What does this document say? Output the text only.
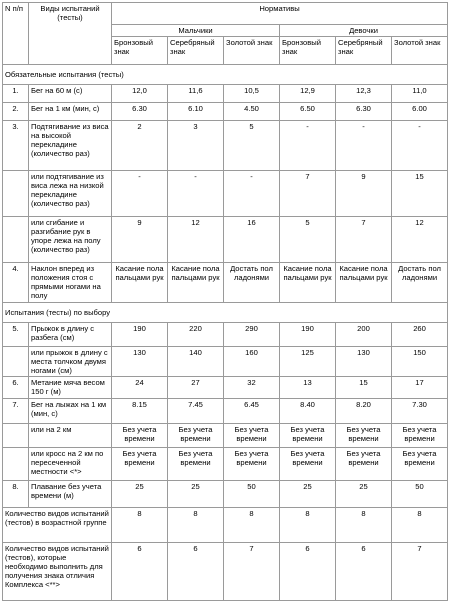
N п/п	Виды испытаний (тесты)	Нормативы					
		Мальчики			Девочки		
		Бронзовый знак	Серебряный знак	Золотой знак	Бронзовый знак	Серебряный знак	Золотой знак
Обязательные испытания (тесты)							
1.	Бег на 60 м (с)	12,0	11,6	10,5	12,9	12,3	11,0
2.	Бег на 1 км (мин, с)	6.30	6.10	4.50	6.50	6.30	6.00
3.	Подтягивание из виса на высокой перекладине (количество раз)	2	3	5	-	-	-
	или подтягивание из виса лежа на низкой перекладине (количество раз)	-	-	-	7	9	15
	или сгибание и разгибание рук в упоре лежа на полу (количество раз)	9	12	16	5	7	12
4.	Наклон вперед из положения стоя с прямыми ногами на полу	Касание пола пальцами рук	Касание пола пальцами рук	Достать пол ладонями	Касание пола пальцами рук	Касание пола пальцами рук	Достать пол ладонями
Испытания (тесты) по выбору							
5.	Прыжок в длину с разбега (см)	190	220	290	190	200	260
	или прыжок в длину с места толчком двумя ногами (см)	130	140	160	125	130	150
6.	Метание мяча весом 150 г (м)	24	27	32	13	15	17
7.	Бег на лыжах на 1 км (мин, с)	8.15	7.45	6.45	8.40	8.20	7.30
	или на 2 км	Без учета времени	Без учета времени	Без учета времени	Без учета времени	Без учета времени	Без учета времени
	или кросс на 2 км по пересеченной местности <*>	Без учета времени	Без учета времени	Без учета времени	Без учета времени	Без учета времени	Без учета времени
8.	Плавание без учета времени (м)	25	25	50	25	25	50
Количество видов испытаний (тестов) в возрастной группе		8	8	8	8	8	8
Количество видов испытаний (тестов), которые необходимо выполнить для получения знака отличия Комплекса <**>		6	6	7	6	6	7
